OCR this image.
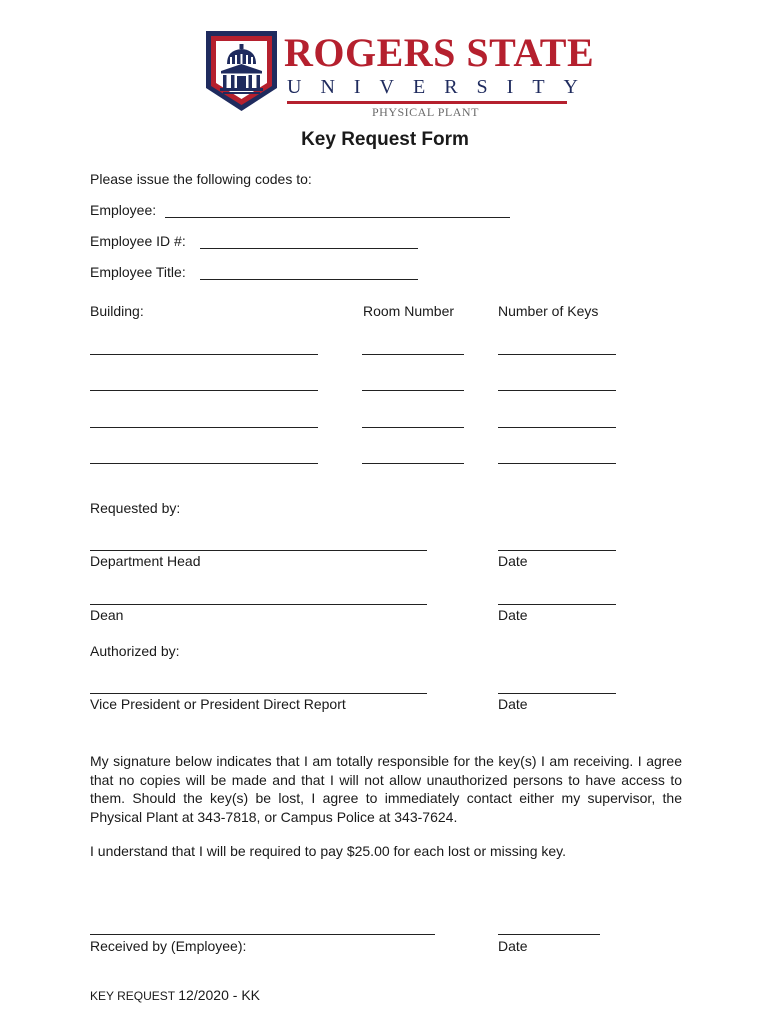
ROGERS STATE
UNIVERSITY
PHYSICAL PLANT
Key Request Form
Please issue the following codes to:
Employee:
Employee ID #:
Employee Title:
Building:	Room Number	Number of Keys
Requested by:
Department Head	Date
Dean	Date
Authorized by:
Vice President or President Direct Report	Date
My signature below indicates that I am totally responsible for the key(s) I am receiving. I agree that no copies will be made and that I will not allow unauthorized persons to have access to them. Should the key(s) be lost, I agree to immediately contact either my supervisor, the Physical Plant at 343-7818, or Campus Police at 343-7624.
I understand that I will be required to pay $25.00 for each lost or missing key.
Received by (Employee):	Date
KEY REQUEST 12/2020 - KK
